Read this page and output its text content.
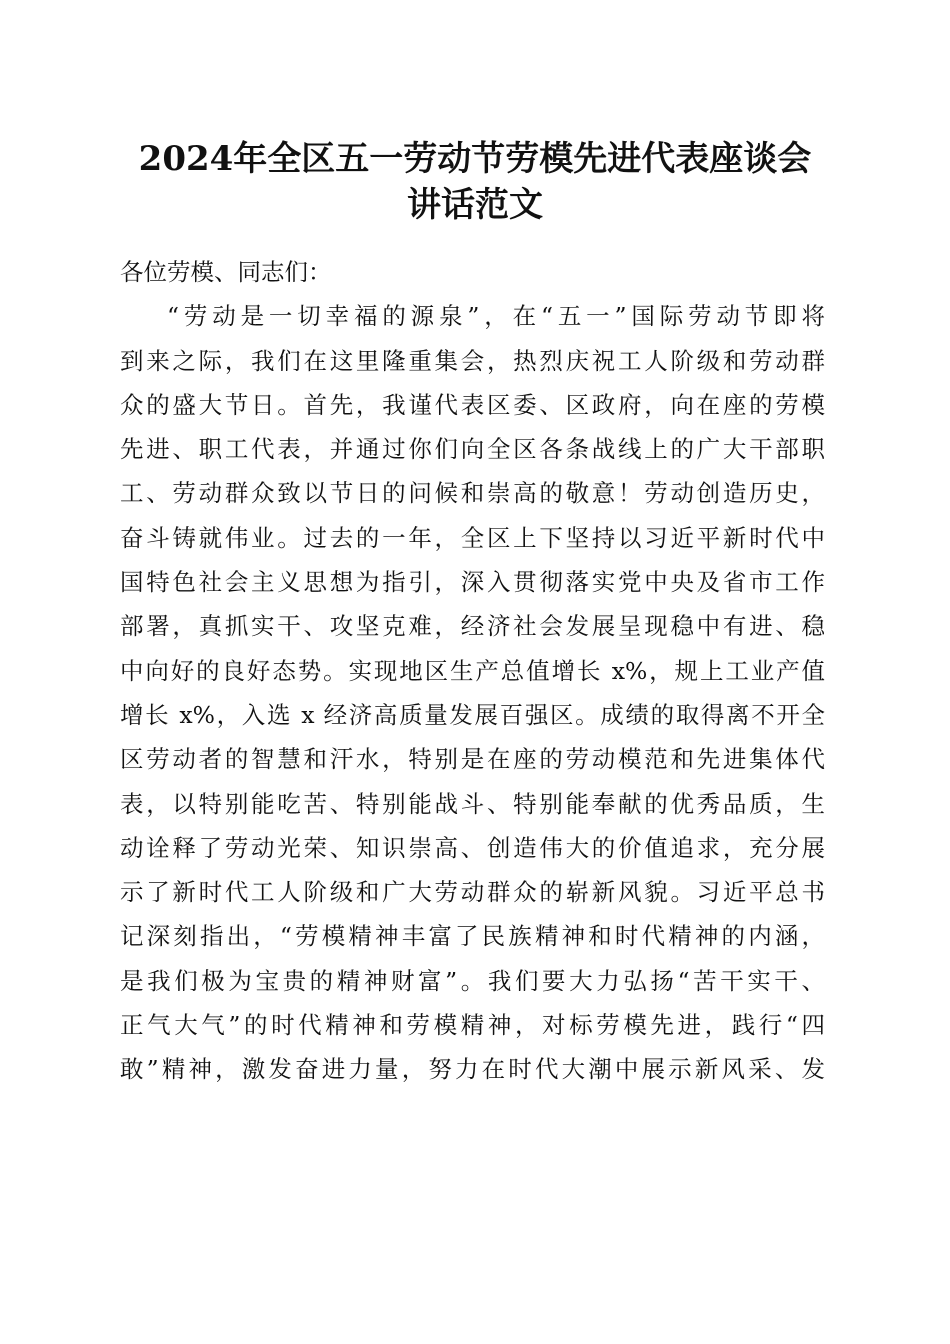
2024年全区五一劳动节劳模先进代表座谈会
讲话范文
各位劳模、同志们：
“劳动是一切幸福的源泉”，在“五一”国际劳动节即将
到来之际，我们在这里隆重集会，热烈庆祝工人阶级和劳动群
众的盛大节日。首先，我谨代表区委、区政府，向在座的劳模
先进、职工代表，并通过你们向全区各条战线上的广大干部职
工、劳动群众致以节日的问候和崇高的敬意！劳动创造历史，
奋斗铸就伟业。过去的一年，全区上下坚持以习近平新时代中
国特色社会主义思想为指引，深入贯彻落实党中央及省市工作
部署，真抓实干、攻坚克难，经济社会发展呈现稳中有进、稳
中向好的良好态势。实现地区生产总值增长 x%，规上工业产值
增长 x%，入选 x 经济高质量发展百强区。成绩的取得离不开全
区劳动者的智慧和汗水，特别是在座的劳动模范和先进集体代
表，以特别能吃苦、特别能战斗、特别能奉献的优秀品质，生
动诠释了劳动光荣、知识崇高、创造伟大的价值追求，充分展
示了新时代工人阶级和广大劳动群众的崭新风貌。习近平总书
记深刻指出，“劳模精神丰富了民族精神和时代精神的内涵，
是我们极为宝贵的精神财富”。我们要大力弘扬“苦干实干、
正气大气”的时代精神和劳模精神，对标劳模先进，践行“四
敢”精神，激发奋进力量，努力在时代大潮中展示新风采、发
